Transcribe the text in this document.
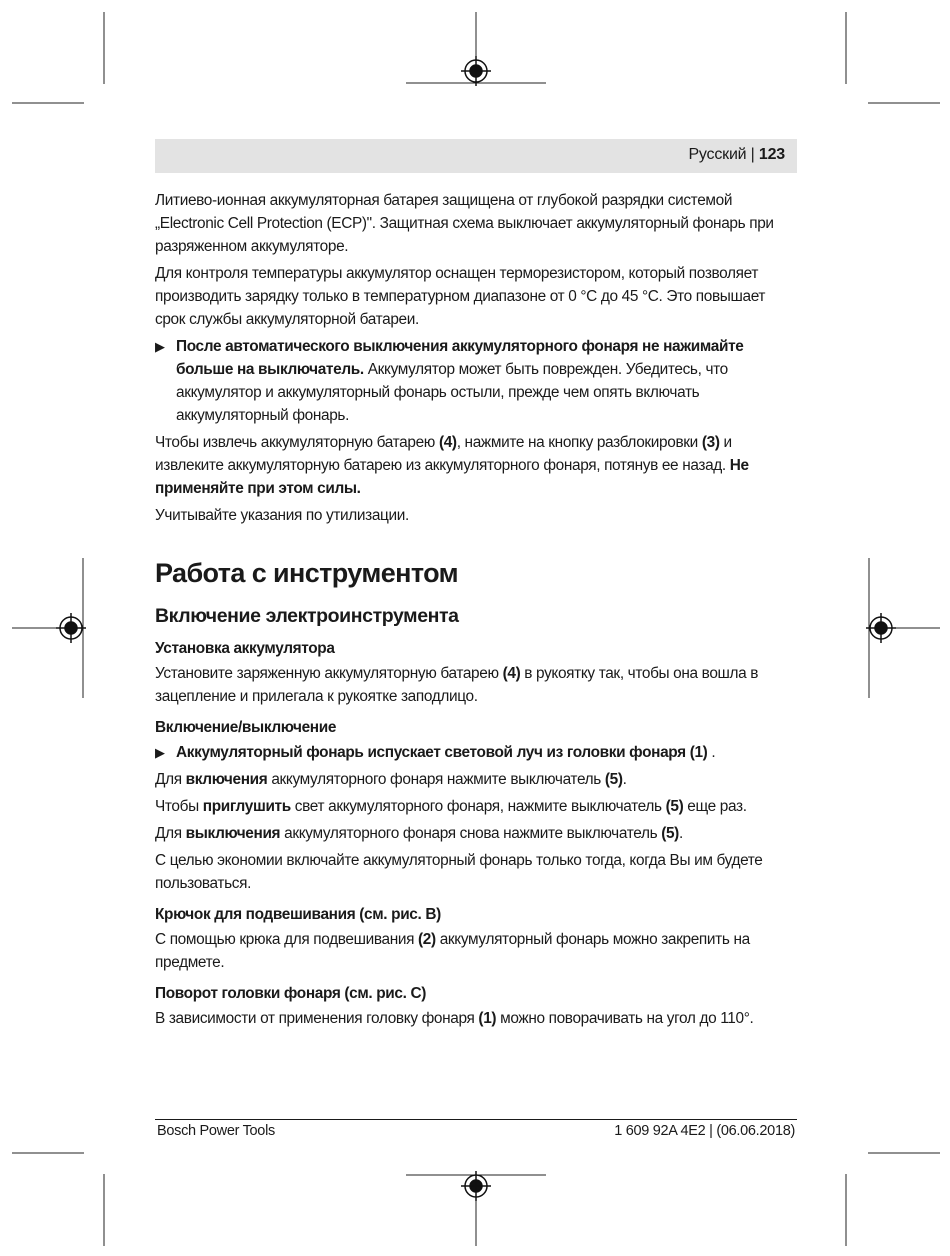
Русский | 123

Литиево-ионная аккумуляторная батарея защищена от глубокой разрядки системой „Electronic Cell Protection (ECP)". Защитная схема выключает аккумуляторный фонарь при разряженном аккумуляторе.

Для контроля температуры аккумулятор оснащен терморезистором, который позволяет производить зарядку только в температурном диапазоне от 0 °C до 45 °C. Это повышает срок службы аккумуляторной батареи.

▶ После автоматического выключения аккумуляторного фонаря не нажимайте больше на выключатель. Аккумулятор может быть поврежден. Убедитесь, что аккумулятор и аккумуляторный фонарь остыли, прежде чем опять включать аккумуляторный фонарь.

Чтобы извлечь аккумуляторную батарею (4), нажмите на кнопку разблокировки (3) и извлеките аккумуляторную батарею из аккумуляторного фонаря, потянув ее назад. Не применяйте при этом силы.

Учитывайте указания по утилизации.

Работа с инструментом
Включение электроинструмента
Установка аккумулятора

Установите заряженную аккумуляторную батарею (4) в рукоятку так, чтобы она вошла в зацепление и прилегала к рукоятке заподлицо.

Включение/выключение
▶ Аккумуляторный фонарь испускает световой луч из головки фонаря (1) .

Для включения аккумуляторного фонаря нажмите выключатель (5).

Чтобы приглушить свет аккумуляторного фонаря, нажмите выключатель (5) еще раз.

Для выключения аккумуляторного фонаря снова нажмите выключатель (5).

С целью экономии включайте аккумуляторный фонарь только тогда, когда Вы им будете пользоваться.

Крючок для подвешивания (см. рис. B)

С помощью крюка для подвешивания (2) аккумуляторный фонарь можно закрепить на предмете.

Поворот головки фонаря (см. рис. C)

В зависимости от применения головку фонаря (1) можно поворачивать на угол до 110°.

Bosch Power Tools	1 609 92A 4E2 | (06.06.2018)
